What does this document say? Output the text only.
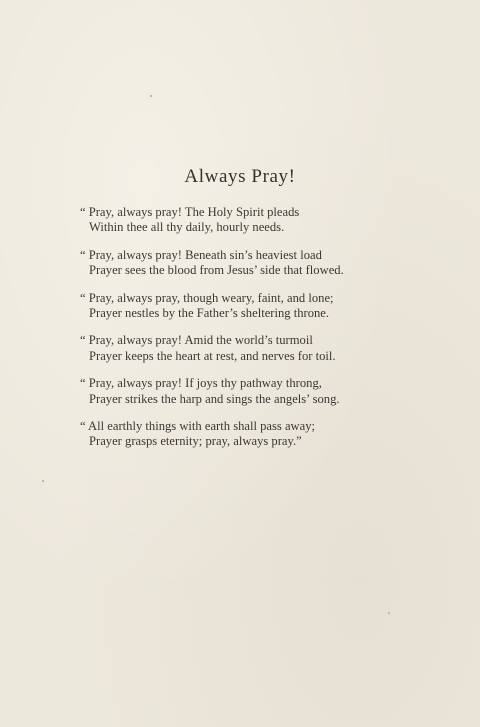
Always Pray!
“ Pray, always pray! The Holy Spirit pleads
Within thee all thy daily, hourly needs.
“ Pray, always pray! Beneath sin’s heaviest load
Prayer sees the blood from Jesus’ side that flowed.
“ Pray, always pray, though weary, faint, and lone;
Prayer nestles by the Father’s sheltering throne.
“ Pray, always pray! Amid the world’s turmoil
Prayer keeps the heart at rest, and nerves for toil.
“ Pray, always pray! If joys thy pathway throng,
Prayer strikes the harp and sings the angels’ song.
“ All earthly things with earth shall pass away;
Prayer grasps eternity; pray, always pray.”
